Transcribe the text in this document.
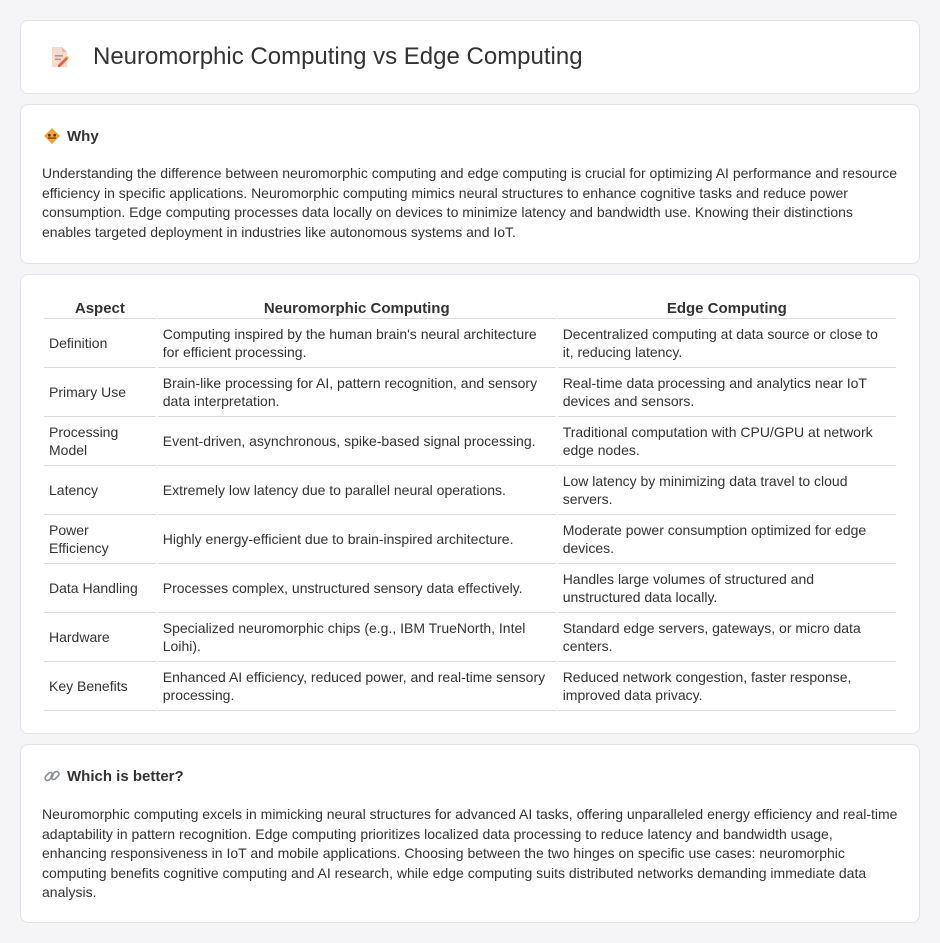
Neuromorphic Computing vs Edge Computing
Why

Understanding the difference between neuromorphic computing and edge computing is crucial for optimizing AI performance and resource efficiency in specific applications. Neuromorphic computing mimics neural structures to enhance cognitive tasks and reduce power consumption. Edge computing processes data locally on devices to minimize latency and bandwidth use. Knowing their distinctions enables targeted deployment in industries like autonomous systems and IoT.

Aspect	Neuromorphic Computing	Edge Computing
Definition	Computing inspired by the human brain's neural architecture for efficient processing.	Decentralized computing at data source or close to it, reducing latency.
Primary Use	Brain-like processing for AI, pattern recognition, and sensory data interpretation.	Real-time data processing and analytics near IoT devices and sensors.
Processing Model	Event-driven, asynchronous, spike-based signal processing.	Traditional computation with CPU/GPU at network edge nodes.
Latency	Extremely low latency due to parallel neural operations.	Low latency by minimizing data travel to cloud servers.
Power Efficiency	Highly energy-efficient due to brain-inspired architecture.	Moderate power consumption optimized for edge devices.
Data Handling	Processes complex, unstructured sensory data effectively.	Handles large volumes of structured and unstructured data locally.
Hardware	Specialized neuromorphic chips (e.g., IBM TrueNorth, Intel Loihi).	Standard edge servers, gateways, or micro data centers.
Key Benefits	Enhanced AI efficiency, reduced power, and real-time sensory processing.	Reduced network congestion, faster response, improved data privacy.
Which is better?

Neuromorphic computing excels in mimicking neural structures for advanced AI tasks, offering unparalleled energy efficiency and real-time adaptability in pattern recognition. Edge computing prioritizes localized data processing to reduce latency and bandwidth usage, enhancing responsiveness in IoT and mobile applications. Choosing between the two hinges on specific use cases: neuromorphic computing benefits cognitive computing and AI research, while edge computing suits distributed networks demanding immediate data analysis.
